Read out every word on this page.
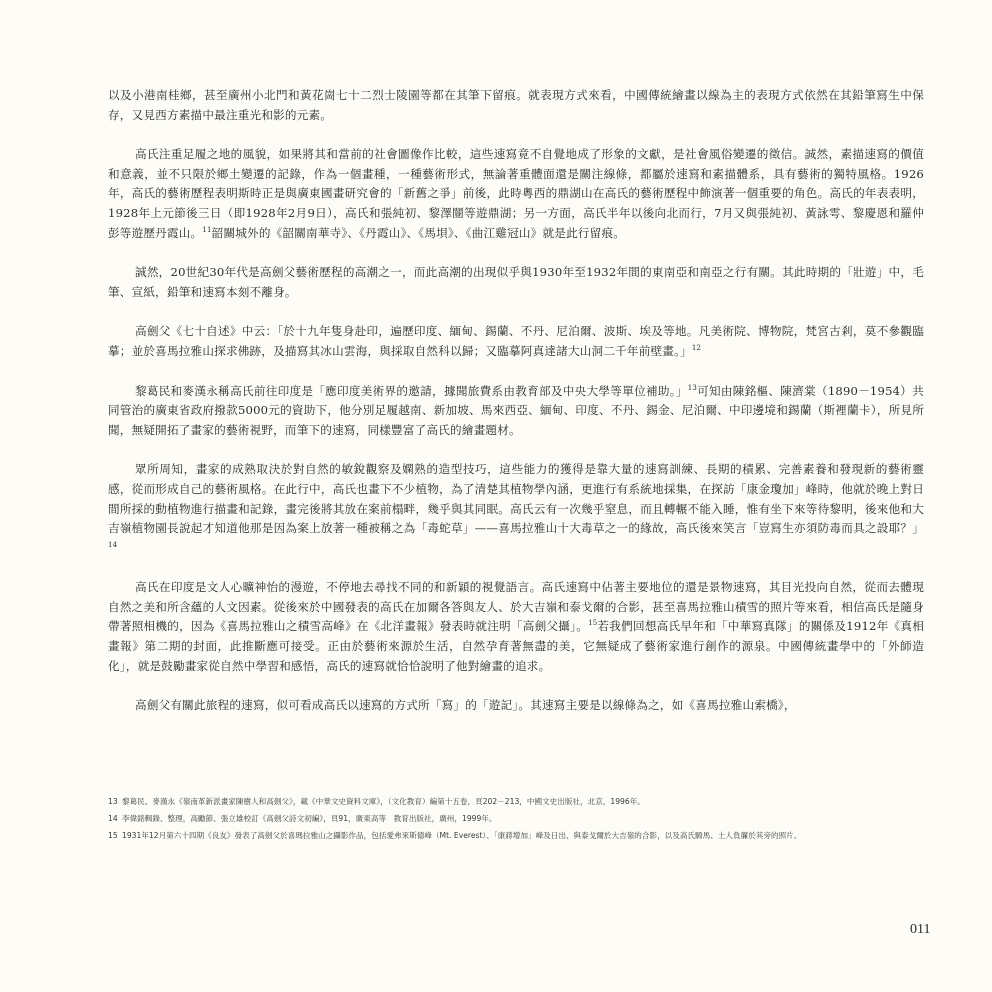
以及小港南桂鄉，甚至廣州小北門和黃花崗七十二烈士陵園等都在其筆下留痕。就表現方式來看，中國傳統繪畫以線為主的表現方式依然在其鉛筆寫生中保存，又見西方素描中最注重光和影的元素。

高氏注重足履之地的風貌，如果將其和當前的社會圖像作比較，這些速寫竟不自覺地成了形象的文獻，是社會風俗變遷的徵信。誠然，素描速寫的價值和意義，並不只限於鄉土變遷的記錄，作為一個畫種，一種藝術形式，無論著重體面還是關注線條，都屬於速寫和素描體系，具有藝術的獨特風格。1926年，高氏的藝術歷程表明斯時正是與廣東國畫研究會的「新舊之爭」前後，此時粵西的鼎湖山在高氏的藝術歷程中飾演著一個重要的角色。高氏的年表表明，1928年上元節後三日（即1928年2月9日），高氏和張純初、黎澤闓等遊鼎湖；另一方面，高氏半年以後向北而行，7月又與張純初、黃詠雩、黎慶恩和羅仲彭等遊歷丹霞山。$^{11}$韶關城外的《韶關南華寺》、《丹霞山》、《馬垻》、《曲江雞冠山》就是此行留痕。

誠然，20世紀30年代是高劍父藝術歷程的高潮之一，而此高潮的出現似乎與1930年至1932年間的東南亞和南亞之行有關。其此時期的「壯遊」中，毛筆、宣紙，鉛筆和速寫本刻不離身。

高劍父《七十自述》中云：「於十九年隻身赴印，遍歷印度、緬甸、錫蘭、不丹、尼泊爾、波斯、埃及等地。凡美術院、博物院，梵宮古剎，莫不參觀臨摹；並於喜馬拉雅山探求佛跡，及描寫其冰山雲海，與採取自然科以歸；又臨摹阿真達諸大山洞二千年前壁畫。」$^{12}$

黎葛民和麥漢永稱高氏前往印度是「應印度美術界的邀請，據聞旅費系由教育部及中央大學等單位補助。」$^{13}$可知由陳銘樞、陳濟棠（1890－1954）共同管治的廣東省政府撥款5000元的資助下，他分別足履越南、新加坡、馬來西亞、緬甸、印度、不丹、錫金、尼泊爾、中印邊境和錫蘭（斯裡蘭卡），所見所聞，無疑開拓了畫家的藝術視野，而筆下的速寫，同樣豐富了高氏的繪畫題材。

眾所周知，畫家的成熟取決於對自然的敏銳觀察及嫻熟的造型技巧，這些能力的獲得是靠大量的速寫訓練、長期的積累、完善素養和發現新的藝術靈感，從而形成自己的藝術風格。在此行中，高氏也畫下不少植物，為了清楚其植物學內涵，更進行有系統地採集，在探訪「康金瓊加」峰時，他就於晚上對日間所採的動植物進行描畫和記錄，畫完後將其放在案前榻畔，幾乎與其同眠。高氏云有一次幾乎窒息，而且轉輾不能入睡，惟有坐下來等待黎明，後來他和大吉嶺植物園長說起才知道他那是因為案上放著一種被稱之為「毒蛇草」——喜馬拉雅山十大毒草之一的緣故，高氏後來笑言「豈寫生亦須防毒而具之設耶？」$^{14}$

高氏在印度是文人心曠神怡的漫遊，不停地去尋找不同的和新穎的視覺語言。高氏速寫中佔著主要地位的還是景物速寫，其目光投向自然，從而去體現自然之美和所含蘊的人文因素。從後來於中國發表的高氏在加爾各答與友人、於大吉嶺和泰戈爾的合影，甚至喜馬拉雅山積雪的照片等來看，相信高氏是隨身帶著照相機的，因為《喜馬拉雅山之積雪高峰》在《北洋畫報》發表時就注明「高劍父攝」。$^{15}$若我們回想高氏早年和「中華寫真隊」的關係及1912年《真相畫報》第二期的封面，此推斷應可接受。正由於藝術來源於生活，自然孕育著無盡的美，它無疑成了藝術家進行創作的源泉。中國傳統畫學中的「外師造化」，就是鼓勵畫家從自然中學習和感悟，高氏的速寫就恰恰說明了他對繪畫的追求。

高劍父有關此旅程的速寫，似可看成高氏以速寫的方式所「寫」的「遊記」。其速寫主要是以線條為之，如《喜馬拉雅山索橋》，

13 黎葛民、麥漢永《嶺南革新派畫家陳樹人和高劍父》，載《中華文史資料文庫》，（文化教育）編第十五卷，頁202－213，中國文史出版社，北京，1996年。
14 李偉銘輯錄、整理，高勵節、張立雄校訂《高劍父詩文初編》，頁91，廣東高等　教育出版社，廣州，1999年。
15 1931年12月第六十四期《良友》發表了高劍父於喜瑪拉雅山之攝影作品，包括愛弗來斯德峰（Mt. Everest）、「康蔣增加」峰及日出、與泰戈爾於大吉嶺的合影，以及高氏騎馬、土人負簾於其旁的照片。
011
